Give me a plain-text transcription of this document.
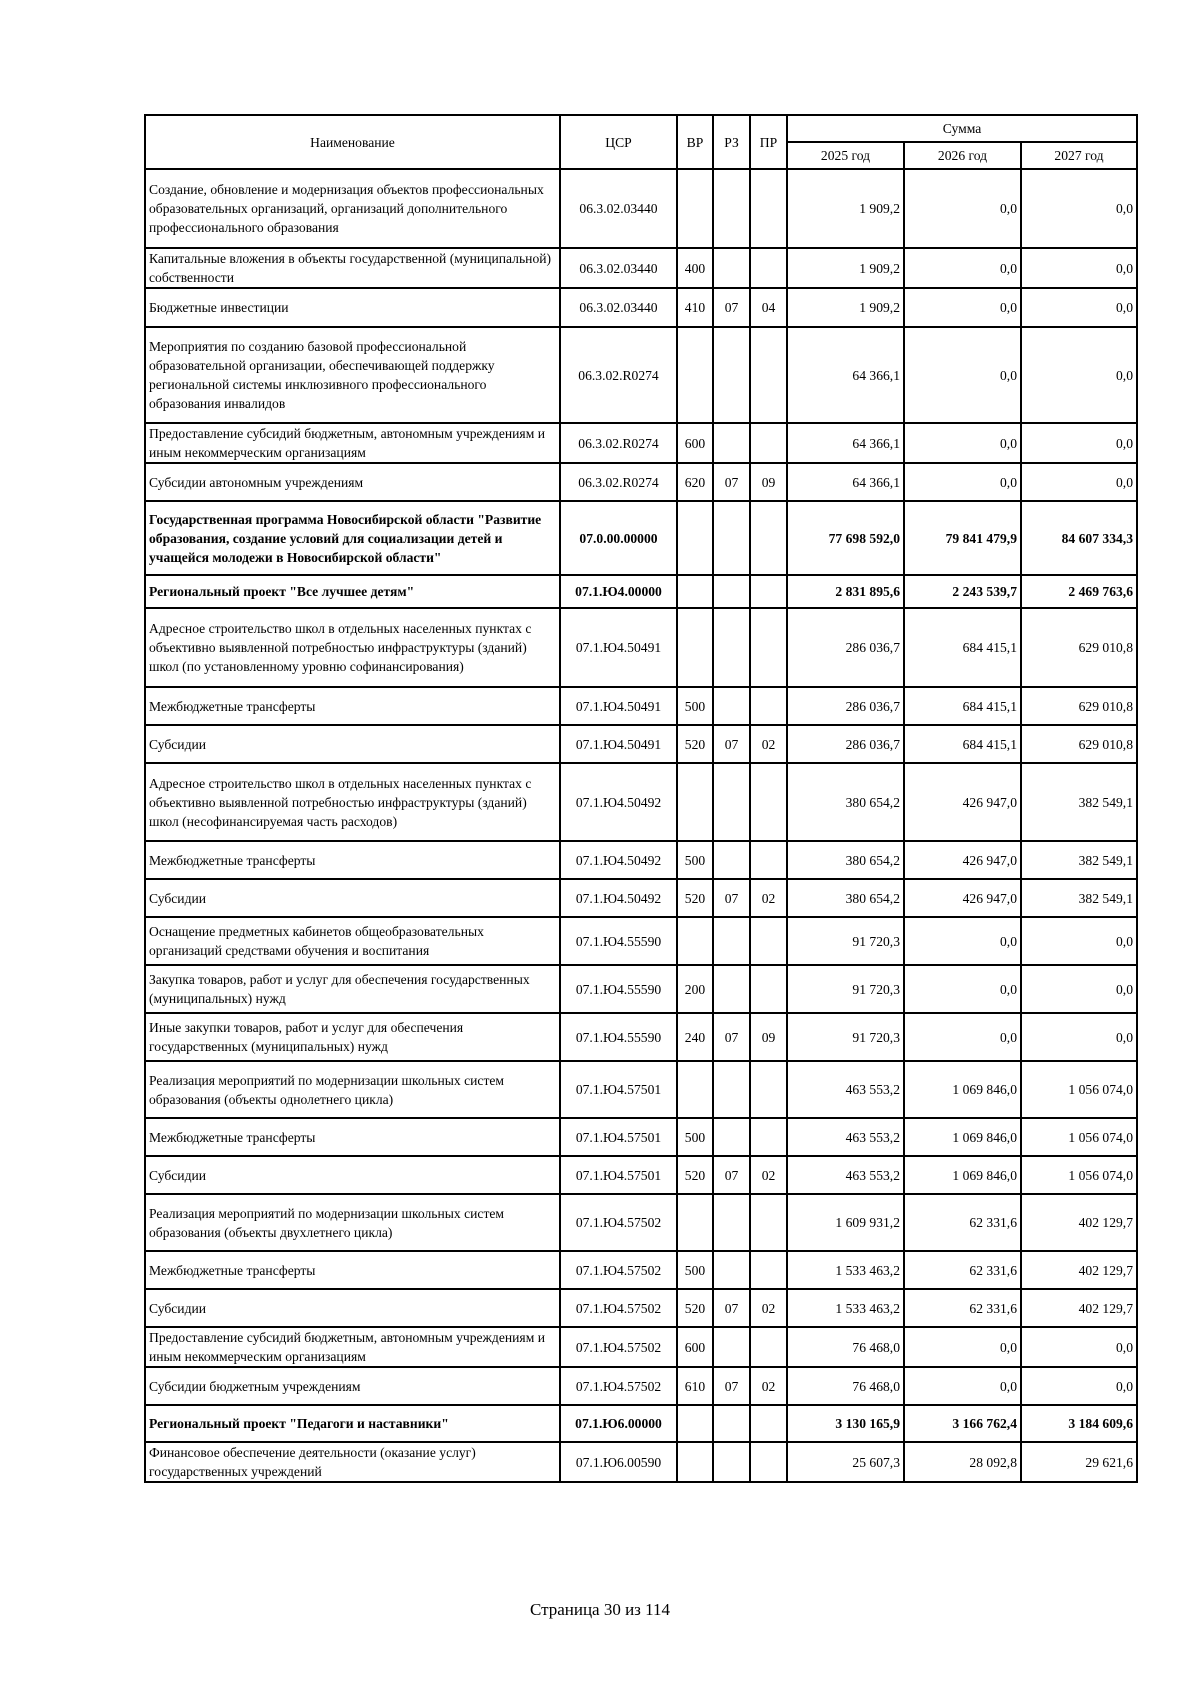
Наименование	ЦСР	ВР	РЗ	ПР	Сумма		
					2025 год	2026 год	2027 год
Создание, обновление и модернизация объектов профессиональных образовательных организаций, организаций дополнительного профессионального образования	06.3.02.03440				1 909,2	0,0	0,0
Капитальные вложения в объекты государственной (муниципальной) собственности	06.3.02.03440	400			1 909,2	0,0	0,0
Бюджетные инвестиции	06.3.02.03440	410	07	04	1 909,2	0,0	0,0
Мероприятия по созданию базовой профессиональной образовательной организации, обеспечивающей поддержку региональной системы инклюзивного профессионального образования инвалидов	06.3.02.R0274				64 366,1	0,0	0,0
Предоставление субсидий бюджетным, автономным учреждениям и иным некоммерческим организациям	06.3.02.R0274	600			64 366,1	0,0	0,0
Субсидии автономным учреждениям	06.3.02.R0274	620	07	09	64 366,1	0,0	0,0
Государственная программа Новосибирской области "Развитие образования, создание условий для социализации детей и учащейся молодежи в Новосибирской области"	07.0.00.00000				77 698 592,0	79 841 479,9	84 607 334,3
Региональный проект "Все лучшее детям"	07.1.Ю4.00000				2 831 895,6	2 243 539,7	2 469 763,6
Адресное строительство школ в отдельных населенных пунктах с объективно выявленной потребностью инфраструктуры (зданий) школ (по установленному уровню софинансирования)	07.1.Ю4.50491				286 036,7	684 415,1	629 010,8
Межбюджетные трансферты	07.1.Ю4.50491	500			286 036,7	684 415,1	629 010,8
Субсидии	07.1.Ю4.50491	520	07	02	286 036,7	684 415,1	629 010,8
Адресное строительство школ в отдельных населенных пунктах с объективно выявленной потребностью инфраструктуры (зданий) школ (несофинансируемая часть расходов)	07.1.Ю4.50492				380 654,2	426 947,0	382 549,1
Межбюджетные трансферты	07.1.Ю4.50492	500			380 654,2	426 947,0	382 549,1
Субсидии	07.1.Ю4.50492	520	07	02	380 654,2	426 947,0	382 549,1
Оснащение предметных кабинетов общеобразовательных организаций средствами обучения и воспитания	07.1.Ю4.55590				91 720,3	0,0	0,0
Закупка товаров, работ и услуг для обеспечения государственных (муниципальных) нужд	07.1.Ю4.55590	200			91 720,3	0,0	0,0
Иные закупки товаров, работ и услуг для обеспечения государственных (муниципальных) нужд	07.1.Ю4.55590	240	07	09	91 720,3	0,0	0,0
Реализация мероприятий по модернизации школьных систем образования (объекты однолетнего цикла)	07.1.Ю4.57501				463 553,2	1 069 846,0	1 056 074,0
Межбюджетные трансферты	07.1.Ю4.57501	500			463 553,2	1 069 846,0	1 056 074,0
Субсидии	07.1.Ю4.57501	520	07	02	463 553,2	1 069 846,0	1 056 074,0
Реализация мероприятий по модернизации школьных систем образования (объекты двухлетнего цикла)	07.1.Ю4.57502				1 609 931,2	62 331,6	402 129,7
Межбюджетные трансферты	07.1.Ю4.57502	500			1 533 463,2	62 331,6	402 129,7
Субсидии	07.1.Ю4.57502	520	07	02	1 533 463,2	62 331,6	402 129,7
Предоставление субсидий бюджетным, автономным учреждениям и иным некоммерческим организациям	07.1.Ю4.57502	600			76 468,0	0,0	0,0
Субсидии бюджетным учреждениям	07.1.Ю4.57502	610	07	02	76 468,0	0,0	0,0
Региональный проект "Педагоги и наставники"	07.1.Ю6.00000				3 130 165,9	3 166 762,4	3 184 609,6
Финансовое обеспечение деятельности (оказание услуг) государственных учреждений	07.1.Ю6.00590				25 607,3	28 092,8	29 621,6
Страница 30 из 114
